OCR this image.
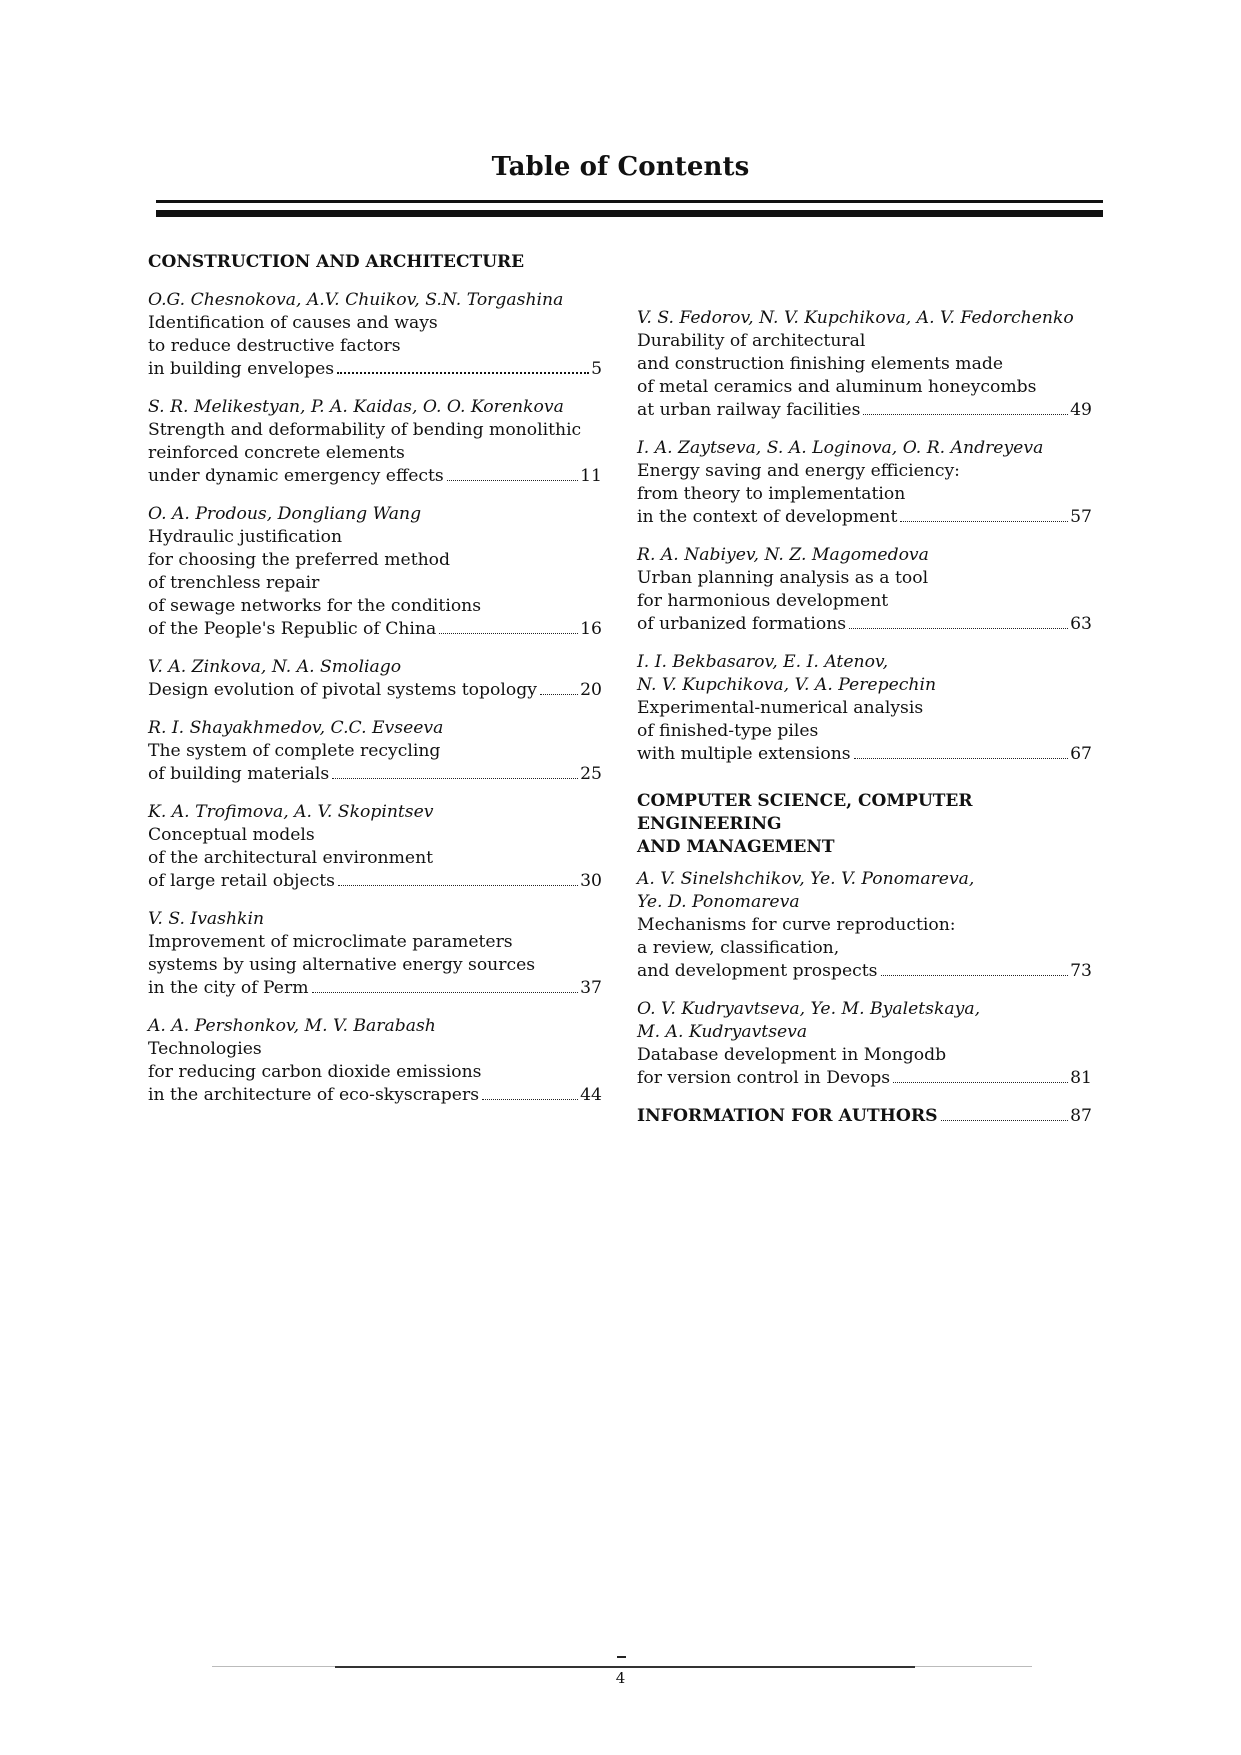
Table of Contents
CONSTRUCTION AND ARCHITECTURE
O.G. Chesnokova, A.V. Chuikov, S.N. Torgashina
Identification of causes and ways
to reduce destructive factors
in building envelopes	5
S. R. Melikestyan, P. A. Kaidas, O. O. Korenkova
Strength and deformability of bending monolithic
reinforced concrete elements
under dynamic emergency effects	11
O. A. Prodous, Dongliang Wang
Hydraulic justification
for choosing the preferred method
of trenchless repair
of sewage networks for the conditions
of the People's Republic of China	16
V. A. Zinkova, N. A. Smoliago
Design evolution of pivotal systems topology	20
R. I. Shayakhmedov, C.C. Evseeva
The system of complete recycling
of building materials	25
K. A. Trofimova, A. V. Skopintsev
Conceptual models
of the architectural environment
of large retail objects	30
V. S. Ivashkin
Improvement of microclimate parameters
systems by using alternative energy sources
in the city of Perm	37
A. A. Pershonkov, M. V. Barabash
Technologies
for reducing carbon dioxide emissions
in the architecture of eco-skyscrapers	44
V. S. Fedorov, N. V. Kupchikova, A. V. Fedorchenko
Durability of architectural
and construction finishing elements made
of metal ceramics and aluminum honeycombs
at urban railway facilities	49
I. A. Zaytseva, S. A. Loginova, O. R. Andreyeva
Energy saving and energy efficiency:
from theory to implementation
in the context of development	57
R. A. Nabiyev, N. Z. Magomedova
Urban planning analysis as a tool
for harmonious development
of urbanized formations	63
I. I. Bekbasarov, E. I. Atenov,
N. V. Kupchikova, V. A. Perepechin
Experimental-numerical analysis
of finished-type piles
with multiple extensions	67
COMPUTER SCIENCE, COMPUTER ENGINEERING
AND MANAGEMENT
A. V. Sinelshchikov, Ye. V. Ponomareva,
Ye. D. Ponomareva
Mechanisms for curve reproduction:
a review, classification,
and development prospects	73
O. V. Kudryavtseva, Ye. M. Byaletskaya,
M. A. Kudryavtseva
Database development in Mongodb
for version control in Devops	81
INFORMATION FOR AUTHORS	87
4
